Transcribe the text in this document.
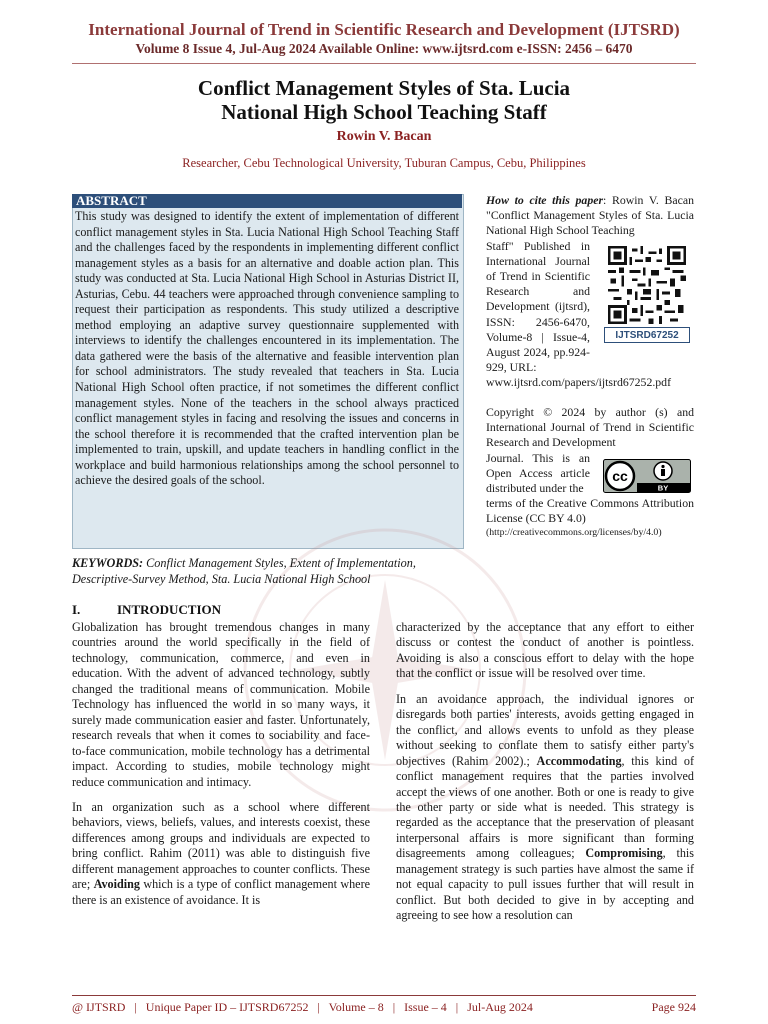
International Journal of Trend in Scientific Research and Development (IJTSRD)
Volume 8 Issue 4, Jul-Aug 2024 Available Online: www.ijtsrd.com e-ISSN: 2456 – 6470
Conflict Management Styles of Sta. Lucia
National High School Teaching Staff
Rowin V. Bacan
Researcher, Cebu Technological University, Tuburan Campus, Cebu, Philippines
ABSTRACT
This study was designed to identify the extent of implementation of different conflict management styles in Sta. Lucia National High School Teaching Staff and the challenges faced by the respondents in implementing different conflict management styles as a basis for an alternative and doable action plan. This study was conducted at Sta. Lucia National High School in Asturias District II, Asturias, Cebu. 44 teachers were approached through convenience sampling to request their participation as respondents. This study utilized a descriptive method employing an adaptive survey questionnaire supplemented with interviews to identify the challenges encountered in its implementation. The data gathered were the basis of the alternative and feasible intervention plan for school administrators. The study revealed that teachers in Sta. Lucia National High School often practice, if not sometimes the different conflict management styles. None of the teachers in the school always practiced conflict management styles in facing and resolving the issues and concerns in the school therefore it is recommended that the crafted intervention plan be implemented to train, upskill, and update teachers in handling conflict in the workplace and build harmonious relationships among the school personnel to achieve the desired goals of the school.
How to cite this paper: Rowin V. Bacan "Conflict Management Styles of Sta. Lucia National High School Teaching
Staff" Published in International Journal of Trend in Scientific Research and Development (ijtsrd), ISSN: 2456-6470, Volume-8 | Issue-4, August 2024, pp.924-929, URL:
www.ijtsrd.com/papers/ijtsrd67252.pdf
IJTSRD67252
Copyright © 2024 by author (s) and International Journal of Trend in Scientific Research and Development
Journal. This is an Open Access article distributed under the
terms of the Creative Commons Attribution License (CC BY 4.0)
cc
BY
(http://creativecommons.org/licenses/by/4.0)
KEYWORDS: Conflict Management Styles, Extent of Implementation, Descriptive-Survey Method, Sta. Lucia National High School
I.	INTRODUCTION

Globalization has brought tremendous changes in many countries around the world specifically in the field of technology, communication, commerce, and even in education. With the advent of advanced technology, subtly changed the traditional means of communication. Mobile Technology has influenced the world in so many ways, it surely made communication easier and faster. Unfortunately, research reveals that when it comes to sociability and face-to-face communication, mobile technology has a detrimental impact. According to studies, mobile technology might reduce communication and intimacy.

In an organization such as a school where different behaviors, views, beliefs, values, and interests coexist, these differences among groups and individuals are expected to bring conflict. Rahim (2011) was able to distinguish five different management approaches to counter conflicts. These are; Avoiding which is a type of conflict management where there is an existence of avoidance. It is

characterized by the acceptance that any effort to either discuss or contest the conduct of another is pointless. Avoiding is also a conscious effort to delay with the hope that the conflict or issue will be resolved over time.

In an avoidance approach, the individual ignores or disregards both parties' interests, avoids getting engaged in the conflict, and allows events to unfold as they please without seeking to conflate them to satisfy either party's objectives (Rahim 2002).; Accommodating, this kind of conflict management requires that the parties involved accept the views of one another. Both or one is ready to give the other party or side what is needed. This strategy is regarded as the acceptance that the preservation of pleasant interpersonal affairs is more significant than forming disagreements among colleagues; Compromising, this management strategy is such parties have almost the same if not equal capacity to pull issues further that will result in conflict. But both decided to give in by accepting and agreeing to see how a resolution can

@ IJTSRD   |   Unique Paper ID – IJTSRD67252   |   Volume – 8   |   Issue – 4   |   Jul-Aug 2024	Page 924
